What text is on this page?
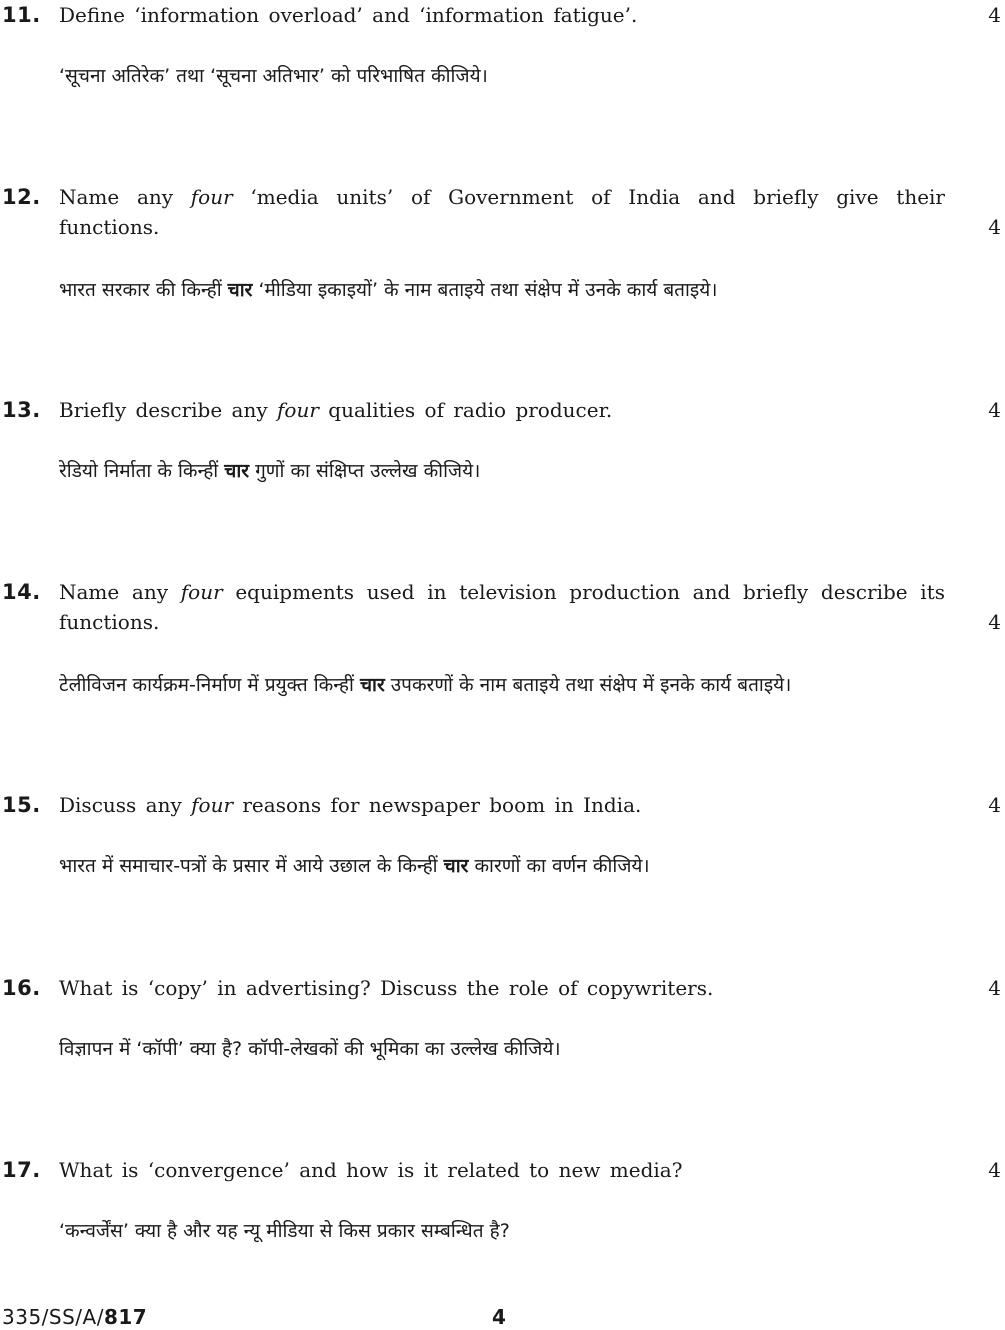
11. Define ‘information overload’ and ‘information fatigue’.	4
‘सूचना अतिरेक’ तथा ‘सूचना अतिभार’ को परिभाषित कीजिये।
12. Name any four ‘media units’ of Government of India and briefly give their functions.	4
भारत सरकार की किन्हीं चार ‘मीडिया इकाइयों’ के नाम बताइये तथा संक्षेप में उनके कार्य बताइये।
13. Briefly describe any four qualities of radio producer.	4
रेडियो निर्माता के किन्हीं चार गुणों का संक्षिप्त उल्लेख कीजिये।
14. Name any four equipments used in television production and briefly describe its functions.	4
टेलीविजन कार्यक्रम-निर्माण में प्रयुक्त किन्हीं चार उपकरणों के नाम बताइये तथा संक्षेप में इनके कार्य बताइये।
15. Discuss any four reasons for newspaper boom in India.	4
भारत में समाचार-पत्रों के प्रसार में आये उछाल के किन्हीं चार कारणों का वर्णन कीजिये।
16. What is ‘copy’ in advertising? Discuss the role of copywriters.	4
विज्ञापन में ‘कॉपी’ क्या है? कॉपी-लेखकों की भूमिका का उल्लेख कीजिये।
17. What is ‘convergence’ and how is it related to new media?	4
‘कन्वर्जेंस’ क्या है और यह न्यू मीडिया से किस प्रकार सम्बन्धित है?
335/SS/A/817	4
